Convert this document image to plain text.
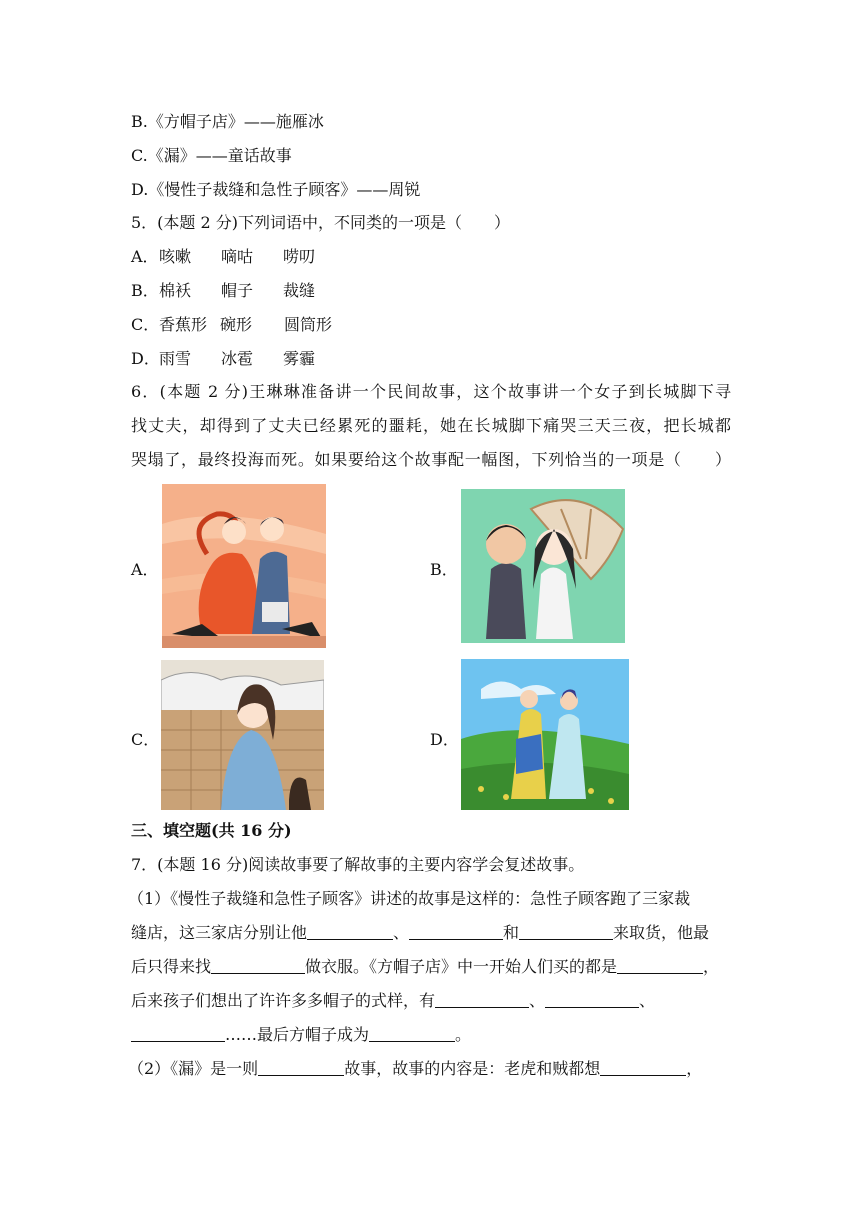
B.《方帽子店》——施雁冰
C.《漏》——童话故事
D.《慢性子裁缝和急性子顾客》——周锐
5．(本题 2 分)下列词语中，不同类的一项是（　　）
A．咳嗽 嘀咕 唠叨
B．棉袄 帽子 裁缝
C．香蕉形 碗形 圆筒形
D．雨雪 冰雹 雾霾
6．(本题 2 分)王琳琳准备讲一个民间故事，这个故事讲一个女子到长城脚下寻
找丈夫，却得到了丈夫已经累死的噩耗，她在长城脚下痛哭三天三夜，把长城都
哭塌了，最终投海而死。如果要给这个故事配一幅图，下列恰当的一项是（　　）
A．	B．
C．	D．
三、填空题(共 16 分)
7．(本题 16 分)阅读故事要了解故事的主要内容学会复述故事。
（1）《慢性子裁缝和急性子顾客》讲述的故事是这样的：急性子顾客跑了三家裁
缝店，这三家店分别让他	、	和	来取货，他最
后只得来找	做衣服。《方帽子店》中一开始人们买的都是	，
后来孩子们想出了许许多多帽子的式样，有	、	、
……最后方帽子成为	。
（2）《漏》是一则	故事，故事的内容是：老虎和贼都想	，
